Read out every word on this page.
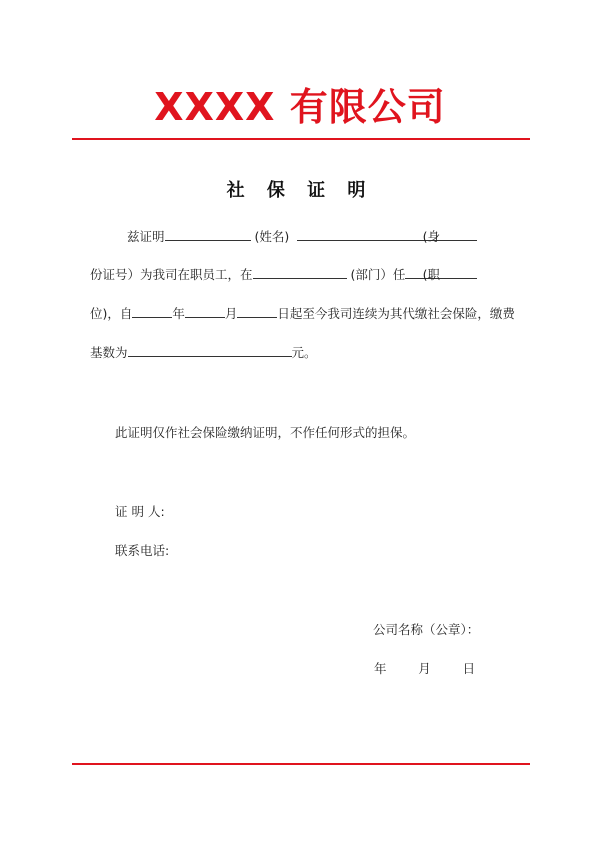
XXXX 有限公司
社 保 证 明
兹证明	(姓名)	(身
份证号）为我司在职员工，在	(部门）任 (职
位)，自	年	月	日起至今我司连续为其代缴社会保险，缴费
基数为	元。
此证明仅作社会保险缴纳证明，不作任何形式的担保。
证 明 人:
联系电话:
公司名称（公章）：
年        月        日
